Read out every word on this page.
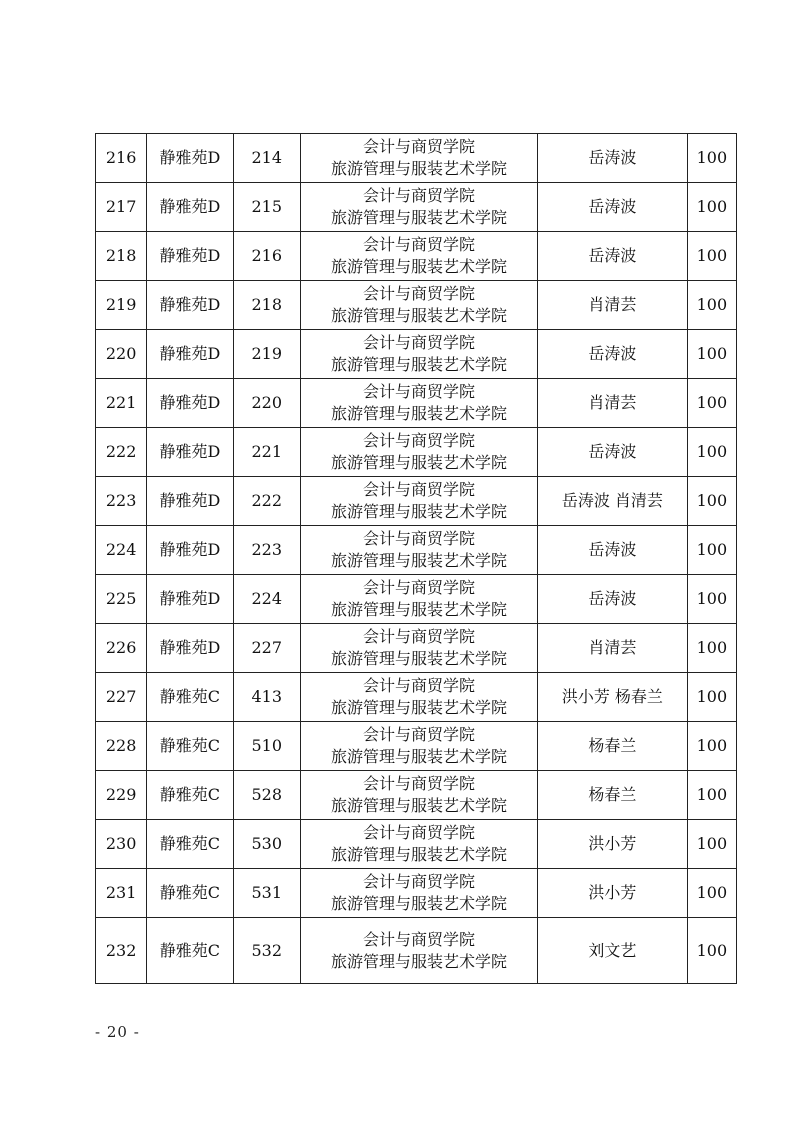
216	静雅苑D	214	会计与商贸学院
旅游管理与服装艺术学院	岳涛波	100
217	静雅苑D	215	会计与商贸学院
旅游管理与服装艺术学院	岳涛波	100
218	静雅苑D	216	会计与商贸学院
旅游管理与服装艺术学院	岳涛波	100
219	静雅苑D	218	会计与商贸学院
旅游管理与服装艺术学院	肖清芸	100
220	静雅苑D	219	会计与商贸学院
旅游管理与服装艺术学院	岳涛波	100
221	静雅苑D	220	会计与商贸学院
旅游管理与服装艺术学院	肖清芸	100
222	静雅苑D	221	会计与商贸学院
旅游管理与服装艺术学院	岳涛波	100
223	静雅苑D	222	会计与商贸学院
旅游管理与服装艺术学院	岳涛波 肖清芸	100
224	静雅苑D	223	会计与商贸学院
旅游管理与服装艺术学院	岳涛波	100
225	静雅苑D	224	会计与商贸学院
旅游管理与服装艺术学院	岳涛波	100
226	静雅苑D	227	会计与商贸学院
旅游管理与服装艺术学院	肖清芸	100
227	静雅苑C	413	会计与商贸学院
旅游管理与服装艺术学院	洪小芳 杨春兰	100
228	静雅苑C	510	会计与商贸学院
旅游管理与服装艺术学院	杨春兰	100
229	静雅苑C	528	会计与商贸学院
旅游管理与服装艺术学院	杨春兰	100
230	静雅苑C	530	会计与商贸学院
旅游管理与服装艺术学院	洪小芳	100
231	静雅苑C	531	会计与商贸学院
旅游管理与服装艺术学院	洪小芳	100
232	静雅苑C	532	会计与商贸学院
旅游管理与服装艺术学院	刘文艺	100
- 20 -
